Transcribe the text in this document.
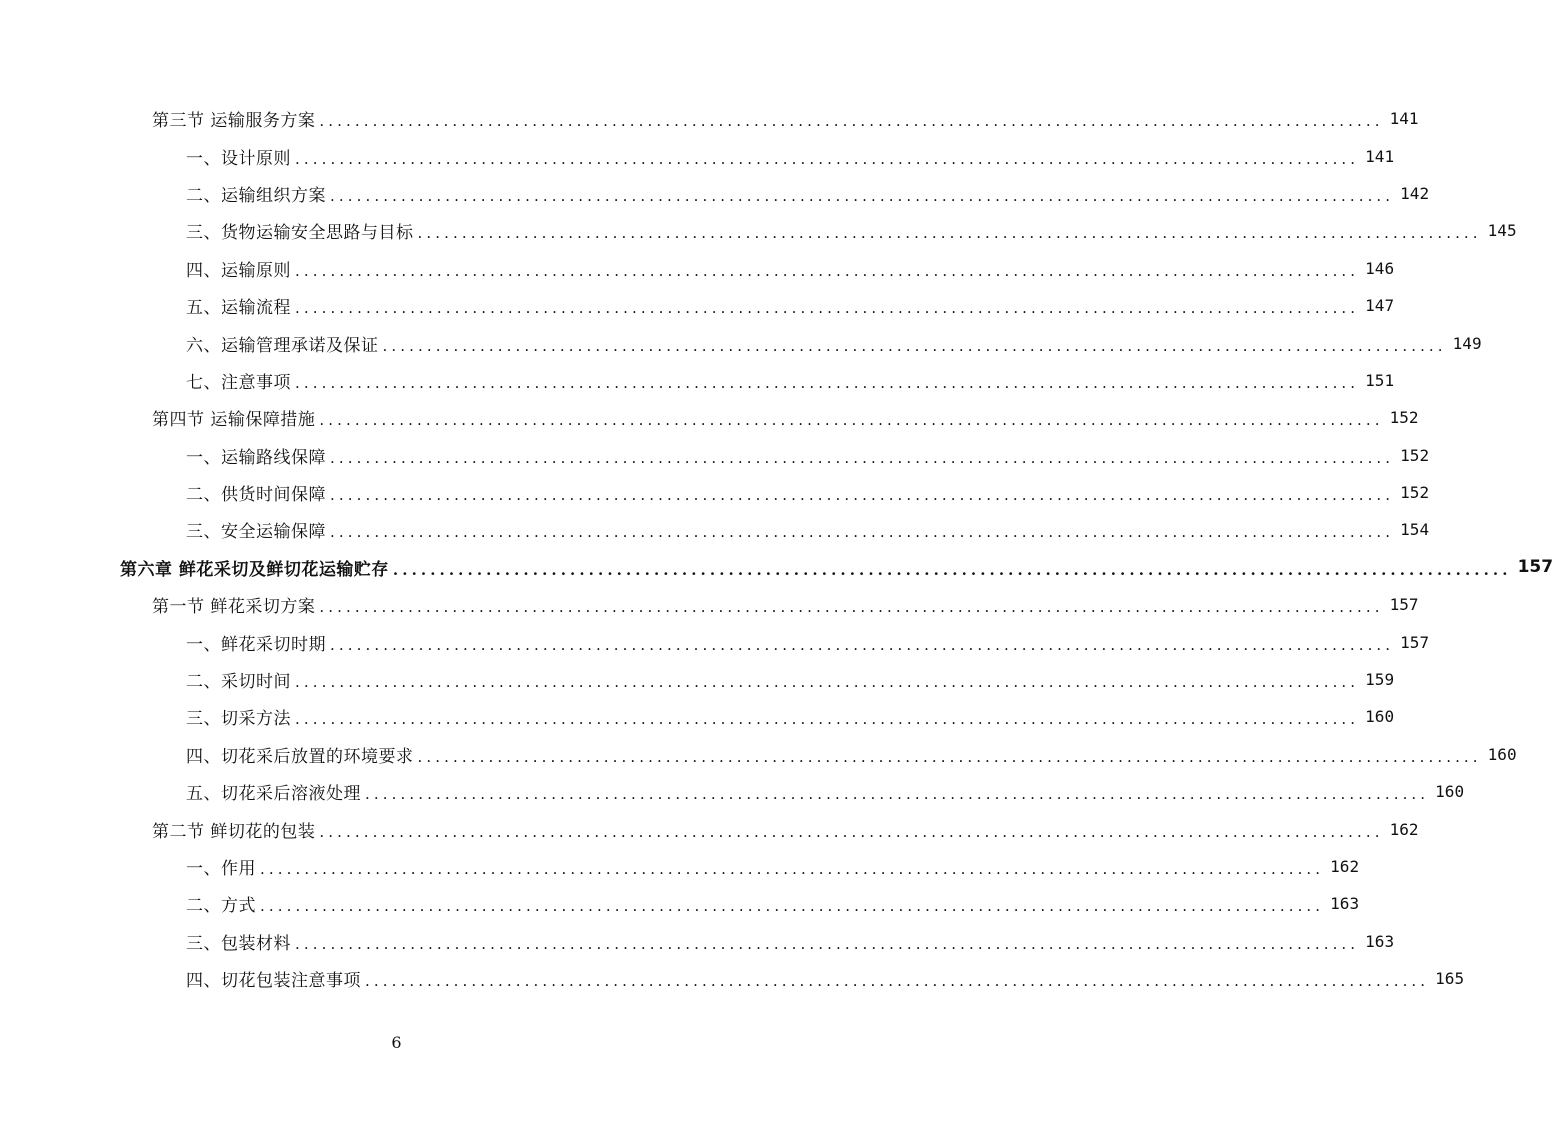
第三节 运输服务方案 ........................................................................................................................ 141
一、设计原则 ........................................................................................................................ 141
二、运输组织方案 ........................................................................................................................ 142
三、货物运输安全思路与目标 ........................................................................................................................ 145
四、运输原则 ........................................................................................................................ 146
五、运输流程 ........................................................................................................................ 147
六、运输管理承诺及保证 ........................................................................................................................ 149
七、注意事项 ........................................................................................................................ 151
第四节 运输保障措施 ........................................................................................................................ 152
一、运输路线保障 ........................................................................................................................ 152
二、供货时间保障 ........................................................................................................................ 152
三、安全运输保障 ........................................................................................................................ 154
第六章 鲜花采切及鲜切花运输贮存 ........................................................................................................................ 157
第一节 鲜花采切方案 ........................................................................................................................ 157
一、鲜花采切时期 ........................................................................................................................ 157
二、采切时间 ........................................................................................................................ 159
三、切采方法 ........................................................................................................................ 160
四、切花采后放置的环境要求 ........................................................................................................................ 160
五、切花采后溶液处理 ........................................................................................................................ 160
第二节 鲜切花的包装 ........................................................................................................................ 162
一、作用 ........................................................................................................................ 162
二、方式 ........................................................................................................................ 163
三、包装材料 ........................................................................................................................ 163
四、切花包装注意事项 ........................................................................................................................ 165
6
